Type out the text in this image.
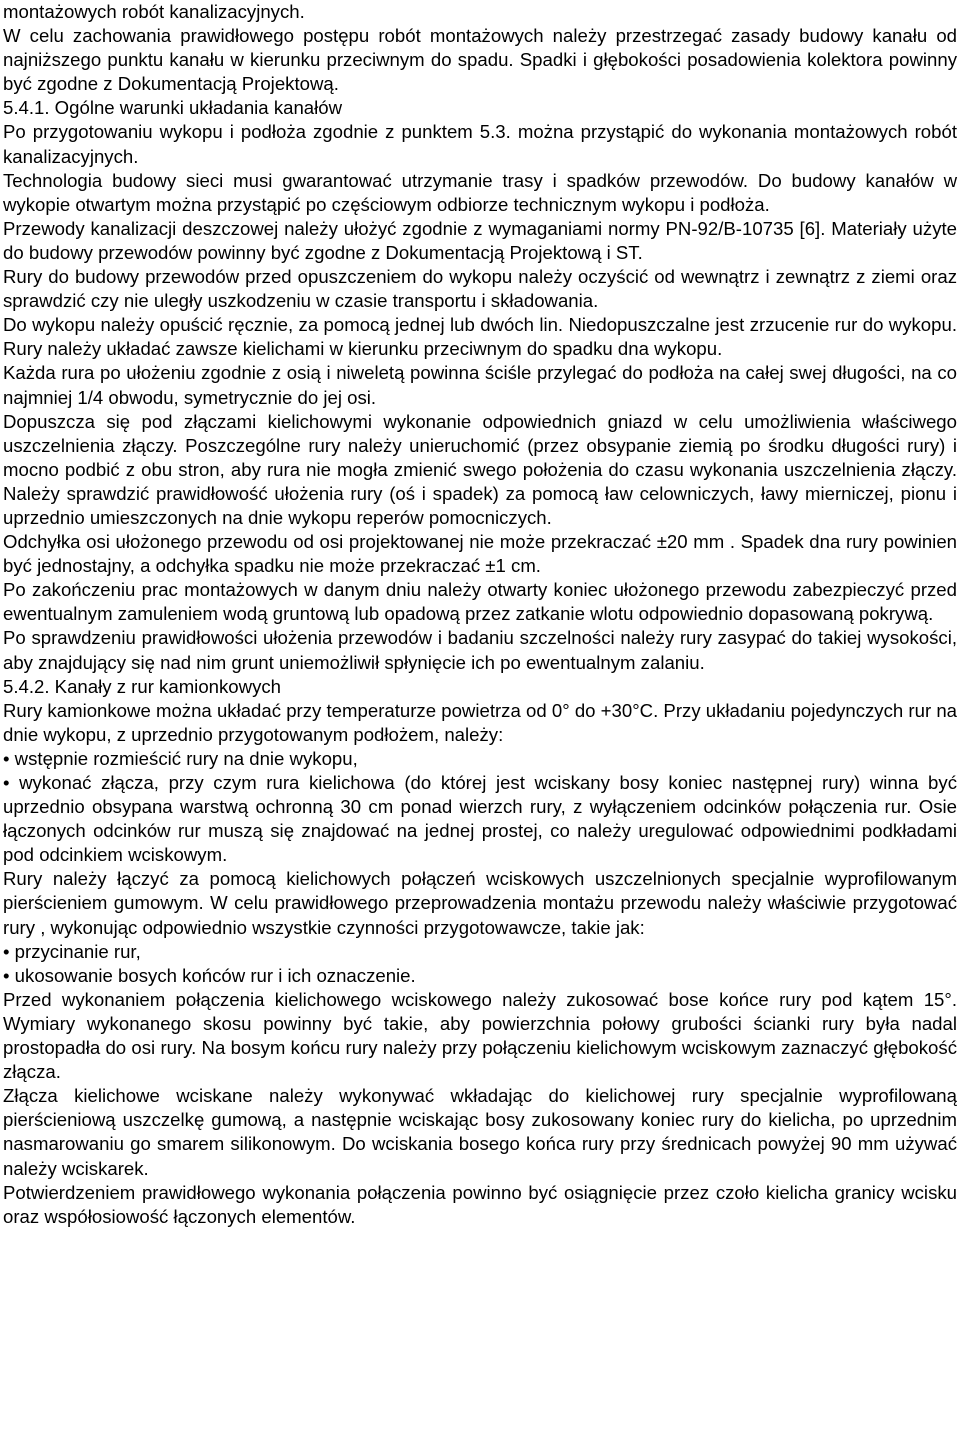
montażowych robót kanalizacyjnych.

W celu zachowania prawidłowego postępu robót montażowych należy przestrzegać zasady budowy kanału od najniższego punktu kanału w kierunku przeciwnym do spadu. Spadki i głębokości posadowienia kolektora powinny być zgodne z Dokumentacją Projektową.

5.4.1. Ogólne warunki układania kanałów

Po przygotowaniu wykopu i podłoża zgodnie z punktem 5.3. można przystąpić do wykonania montażowych robót kanalizacyjnych.

Technologia budowy sieci musi gwarantować utrzymanie trasy i spadków przewodów. Do budowy kanałów w wykopie otwartym można przystąpić po częściowym odbiorze technicznym wykopu i podłoża.

Przewody kanalizacji deszczowej należy ułożyć zgodnie z wymaganiami normy PN-92/B-10735 [6]. Materiały użyte do budowy przewodów powinny być zgodne z Dokumentacją Projektową i ST.

Rury do budowy przewodów przed opuszczeniem do wykopu należy oczyścić od wewnątrz i zewnątrz z ziemi oraz sprawdzić czy nie uległy uszkodzeniu w czasie transportu i składowania.

Do wykopu należy opuścić ręcznie, za pomocą jednej lub dwóch lin. Niedopuszczalne jest zrzucenie rur do wykopu. Rury należy układać zawsze kielichami w kierunku przeciwnym do spadku dna wykopu.

Każda rura po ułożeniu zgodnie z osią i niweletą powinna ściśle przylegać do podłoża na całej swej długości, na co najmniej 1/4 obwodu, symetrycznie do jej osi.

Dopuszcza się pod złączami kielichowymi wykonanie odpowiednich gniazd w celu umożliwienia właściwego uszczelnienia złączy. Poszczególne rury należy unieruchomić (przez obsypanie ziemią po środku długości rury) i mocno podbić z obu stron, aby rura nie mogła zmienić swego położenia do czasu wykonania uszczelnienia złączy. Należy sprawdzić prawidłowość ułożenia rury (oś i spadek) za pomocą ław celowniczych, ławy mierniczej, pionu i uprzednio umieszczonych na dnie wykopu reperów pomocniczych.

Odchyłka osi ułożonego przewodu od osi projektowanej nie może przekraczać ±20 mm . Spadek dna rury powinien być jednostajny, a odchyłka spadku nie może przekraczać ±1 cm.

Po zakończeniu prac montażowych w danym dniu należy otwarty koniec ułożonego przewodu zabezpieczyć przed ewentualnym zamuleniem wodą gruntową lub opadową przez zatkanie wlotu odpowiednio dopasowaną pokrywą.

Po sprawdzeniu prawidłowości ułożenia przewodów i badaniu szczelności należy rury zasypać do takiej wysokości, aby znajdujący się nad nim grunt uniemożliwił spłynięcie ich po ewentualnym zalaniu.

5.4.2. Kanały z rur kamionkowych

Rury kamionkowe można układać przy temperaturze powietrza od 0° do +30°C. Przy układaniu pojedynczych rur na dnie wykopu, z uprzednio przygotowanym podłożem, należy:

• wstępnie rozmieścić rury na dnie wykopu,

• wykonać złącza, przy czym rura kielichowa (do której jest wciskany bosy koniec następnej rury) winna być uprzednio obsypana warstwą ochronną 30 cm ponad wierzch rury, z wyłączeniem odcinków połączenia rur. Osie łączonych odcinków rur muszą się znajdować na jednej prostej, co należy uregulować odpowiednimi podkładami pod odcinkiem wciskowym.

Rury należy łączyć za pomocą kielichowych połączeń wciskowych uszczelnionych specjalnie wyprofilowanym pierścieniem gumowym. W celu prawidłowego przeprowadzenia montażu przewodu należy właściwie przygotować rury , wykonując odpowiednio wszystkie czynności przygotowawcze, takie jak:

• przycinanie rur,

• ukosowanie bosych końców rur i ich oznaczenie.

Przed wykonaniem połączenia kielichowego wciskowego należy zukosować bose końce rury pod kątem 15°. Wymiary wykonanego skosu powinny być takie, aby powierzchnia połowy grubości ścianki rury była nadal prostopadła do osi rury. Na bosym końcu rury należy przy połączeniu kielichowym wciskowym zaznaczyć głębokość złącza.

Złącza kielichowe wciskane należy wykonywać wkładając do kielichowej rury specjalnie wyprofilowaną pierścieniową uszczelkę gumową, a następnie wciskając bosy zukosowany koniec rury do kielicha, po uprzednim nasmarowaniu go smarem silikonowym. Do wciskania bosego końca rury przy średnicach powyżej 90 mm używać należy wciskarek.

Potwierdzeniem prawidłowego wykonania połączenia powinno być osiągnięcie przez czoło kielicha granicy wcisku oraz współosiowość łączonych elementów.
